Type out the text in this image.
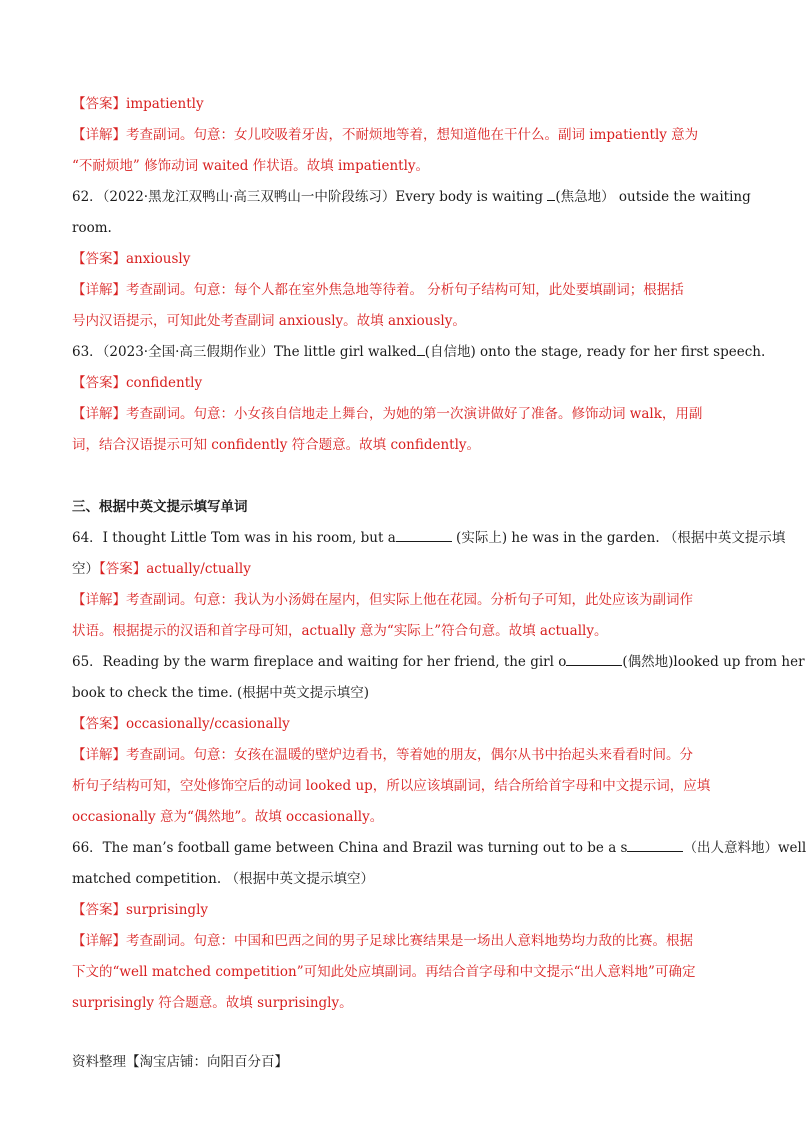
【答案】impatiently
【详解】考查副词。句意：女儿咬吸着牙齿，不耐烦地等着，想知道他在干什么。副词 impatiently 意为
“不耐烦地” 修饰动词 waited 作状语。故填 impatiently。
62．（2022·黑龙江双鸭山·高三双鸭山一中阶段练习）Every body is waiting (焦急地） outside the waiting
room.
【答案】anxiously
【详解】考查副词。句意：每个人都在室外焦急地等待着。 分析句子结构可知，此处要填副词；根据括
号内汉语提示，可知此处考查副词 anxiously。故填 anxiously。
63．（2023·全国·高三假期作业）The little girl walked (自信地) onto the stage, ready for her first speech.
【答案】confidently
【详解】考查副词。句意：小女孩自信地走上舞台，为她的第一次演讲做好了准备。修饰动词 walk，用副
词，结合汉语提示可知 confidently 符合题意。故填 confidently。
三、根据中英文提示填写单词
64．I thought Little Tom was in his room, but a	(实际上) he was in the garden. （根据中英文提示填
空）【答案】actually/ctually
【详解】考查副词。句意：我认为小汤姆在屋内，但实际上他在花园。分析句子可知，此处应该为副词作
状语。根据提示的汉语和首字母可知，actually 意为“实际上”符合句意。故填 actually。
65．Reading by the warm fireplace and waiting for her friend, the girl o	(偶然地)looked up from her
book to check the time. (根据中英文提示填空)
【答案】occasionally/ccasionally
【详解】考查副词。句意：女孩在温暖的壁炉边看书，等着她的朋友，偶尔从书中抬起头来看看时间。分
析句子结构可知，空处修饰空后的动词 looked up，所以应该填副词，结合所给首字母和中文提示词，应填
occasionally 意为“偶然地”。故填 occasionally。
66．The man’s football game between China and Brazil was turning out to be a s	（出人意料地）well
matched competition. （根据中英文提示填空）
【答案】surprisingly
【详解】考查副词。句意：中国和巴西之间的男子足球比赛结果是一场出人意料地势均力敌的比赛。根据
下文的“well matched competition”可知此处应填副词。再结合首字母和中文提示“出人意料地”可确定
surprisingly 符合题意。故填 surprisingly。
资料整理【淘宝店铺：向阳百分百】
